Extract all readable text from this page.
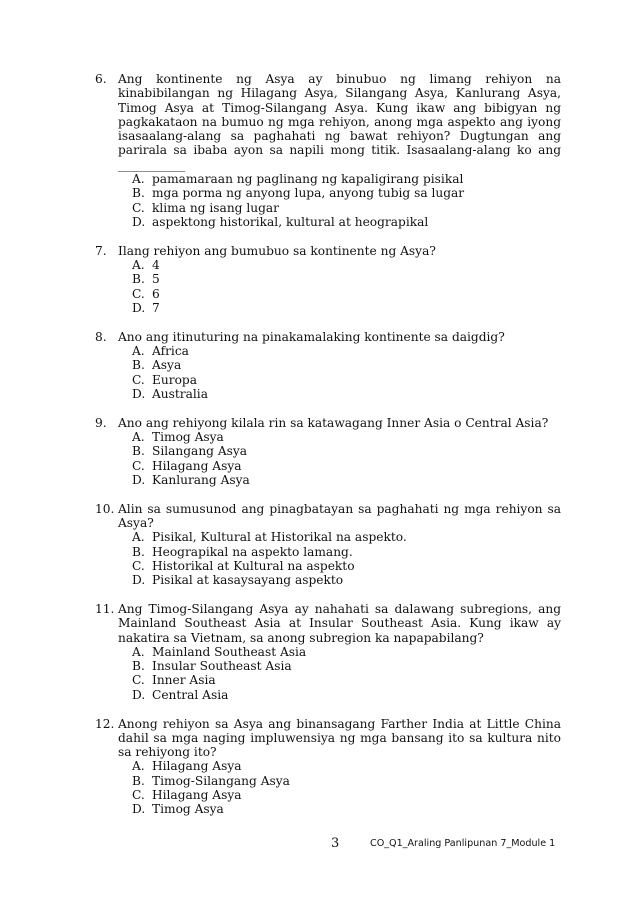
6. Ang kontinente ng Asya ay binubuo ng limang rehiyon na kinabibilangan ng Hilagang Asya, Silangang Asya, Kanlurang Asya, Timog Asya at Timog-Silangang Asya. Kung ikaw ang bibigyan ng pagkakataon na bumuo ng mga rehiyon, anong mga aspekto ang iyong isasaalang-alang sa paghahati ng bawat rehiyon? Dugtungan ang parirala sa ibaba ayon sa napili mong titik. Isasaalang-alang ko ang ___________
A. pamamaraan ng paglinang ng kapaligirang pisikal
B. mga porma ng anyong lupa, anyong tubig sa lugar
C. klima ng isang lugar
D. aspektong historikal, kultural at heograpikal
7. Ilang rehiyon ang bumubuo sa kontinente ng Asya?
A. 4
B. 5
C. 6
D. 7
8. Ano ang itinuturing na pinakamalaking kontinente sa daigdig?
A. Africa
B. Asya
C. Europa
D. Australia
9. Ano ang rehiyong kilala rin sa katawagang Inner Asia o Central Asia?
A. Timog Asya
B. Silangang Asya
C. Hilagang Asya
D. Kanlurang Asya
10. Alin sa sumusunod ang pinagbatayan sa paghahati ng mga rehiyon sa Asya?
A. Pisikal, Kultural at Historikal na aspekto.
B. Heograpikal na aspekto lamang.
C. Historikal at Kultural na aspekto
D. Pisikal at kasaysayang aspekto
11. Ang Timog-Silangang Asya ay nahahati sa dalawang subregions, ang Mainland Southeast Asia at Insular Southeast Asia. Kung ikaw ay nakatira sa Vietnam, sa anong subregion ka napapabilang?
A. Mainland Southeast Asia
B. Insular Southeast Asia
C. Inner Asia
D. Central Asia
12. Anong rehiyon sa Asya ang binansagang Farther India at Little China dahil sa mga naging impluwensiya ng mga bansang ito sa kultura nito sa rehiyong ito?
A. Hilagang Asya
B. Timog-Silangang Asya
C. Hilagang Asya
D. Timog Asya
3	CO_Q1_Araling Panlipunan 7_Module 1
